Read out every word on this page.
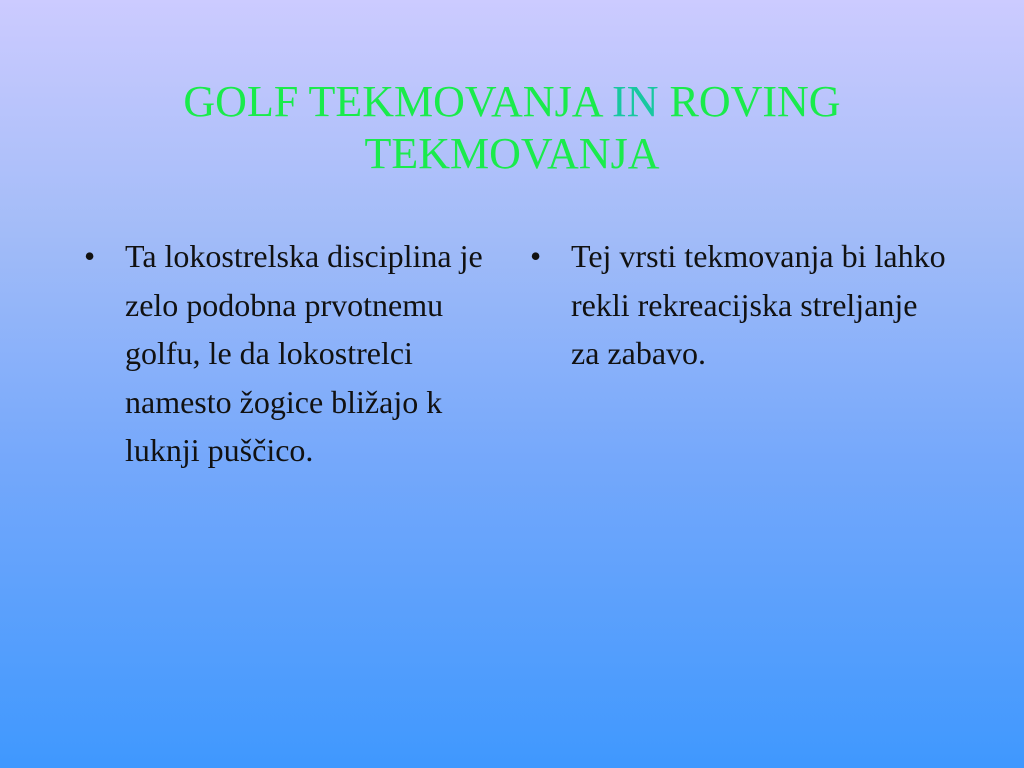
GOLF TEKMOVANJA IN ROVING TEKMOVANJA
• Ta lokostrelska disciplina je zelo podobna prvotnemu golfu, le da lokostrelci namesto žogice bližajo k luknji puščico.
• Tej vrsti tekmovanja bi lahko rekli rekreacijska streljanje za zabavo.
